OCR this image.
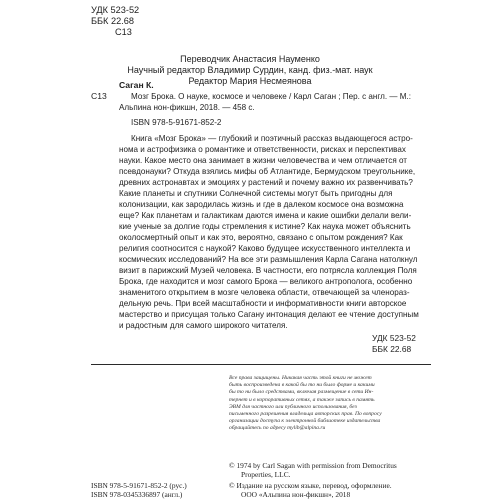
УДК 523-52
ББК 22.68
С13
Переводчик Анастасия Науменко
Научный редактор Владимир Сурдин, канд. физ.-мат. наук
Редактор Мария Несмеянова
С13
Саган К.
Мозг Брока. О науке, космосе и человеке / Карл Саган ; Пер. с англ. — М.:
Альпина нон-фикшн, 2018. — 458 с.
ISBN 978-5-91671-852-2
Книга «Мозг Брока» — глубокий и поэтичный рассказ выдающегося астро-
нома и астрофизика о романтике и ответственности, рисках и перспективах
науки. Какое место она занимает в жизни человечества и чем отличается от
псевдонауки? Откуда взялись мифы об Атлантиде, Бермудском треугольнике,
древних астронавтах и эмоциях у растений и почему важно их развенчивать?
Какие планеты и спутники Солнечной системы могут быть пригодны для
колонизации, как зародилась жизнь и где в далеком космосе она возможна
еще? Как планетам и галактикам даются имена и какие ошибки делали вели-
кие ученые за долгие годы стремления к истине? Как наука может объяснить
околосмертный опыт и как это, вероятно, связано с опытом рождения? Как
религия соотносится с наукой? Каково будущее искусственного интеллекта и
космических исследований? На все эти размышления Карла Сагана натолкнул
визит в парижский Музей человека. В частности, его потрясла коллекция Поля
Брока, где находится и мозг самого Брока — великого антрополога, особенно
знаменитого открытием в мозге человека области, отвечающей за членораз-
дельную речь. При всей масштабности и информативности книги авторское
мастерство и присущая только Сагану интонация делают ее чтение доступным
и радостным для самого широкого читателя.
УДК 523-52
ББК 22.68
Все права защищены. Никакая часть этой книги не может
быть воспроизведена в какой бы то ни было форме и какими
бы то ни было средствами, включая размещение в сети Ин-
тернет и в корпоративных сетях, а также запись в память
ЭВМ для частного или публичного использования, без
письменного разрешения владельца авторских прав. По вопросу
организации доступа к электронной библиотеке издательства
обращайтесь по адресу mylib@alpina.ru
© 1974 by Carl Sagan with permission from Democritus
Properties, LLC.
© Издание на русском языке, перевод, оформление.
ООО «Альпина нон-фикшн», 2018
ISBN 978-5-91671-852-2 (рус.)
ISBN 978-0345336897 (англ.)
